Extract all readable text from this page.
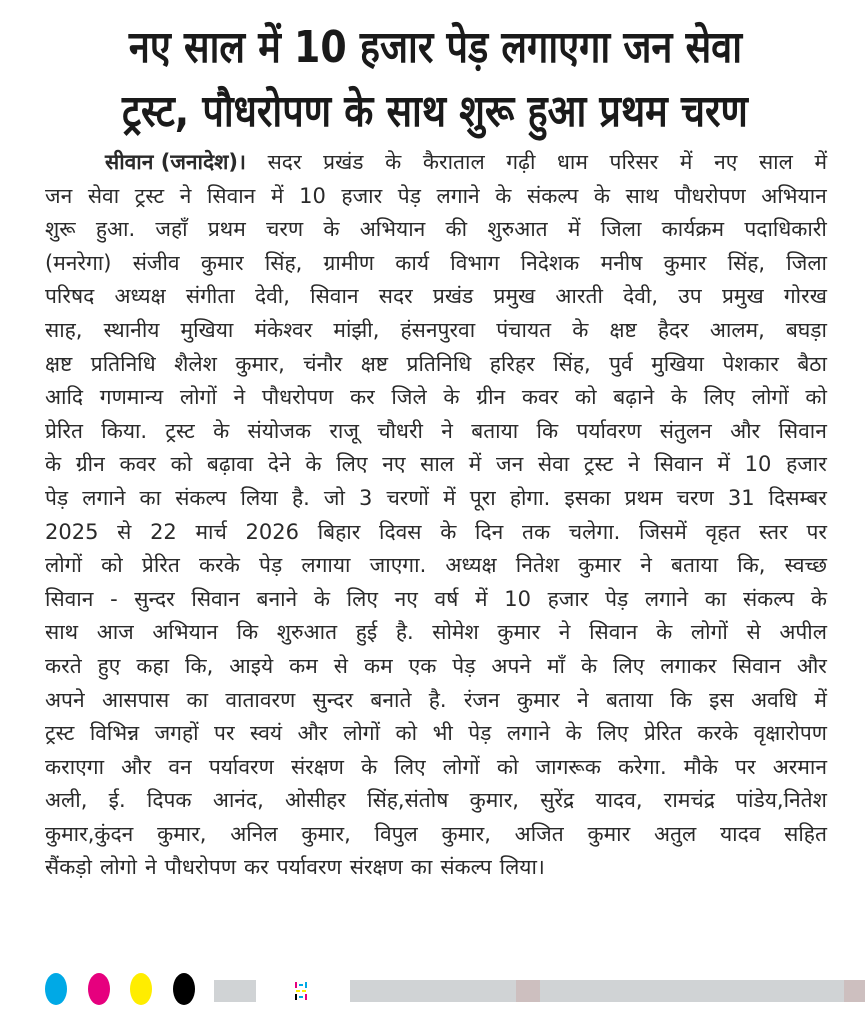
नए साल में 10 हजार पेड़ लगाएगा जन सेवा
ट्रस्ट, पौधरोपण के साथ शुरू हुआ प्रथम चरण
सीवान (जनादेश)। सदर प्रखंड के कैराताल गढ़ी धाम परिसर में नए साल में
जन सेवा ट्रस्ट ने सिवान में 10 हजार पेड़ लगाने के संकल्प के साथ पौधरोपण अभियान
शुरू हुआ. जहाँ प्रथम चरण के अभियान की शुरुआत में जिला कार्यक्रम पदाधिकारी
(मनरेगा) संजीव कुमार सिंह, ग्रामीण कार्य विभाग निदेशक मनीष कुमार सिंह, जिला
परिषद अध्यक्ष संगीता देवी, सिवान सदर प्रखंड प्रमुख आरती देवी, उप प्रमुख गोरख
साह, स्थानीय मुखिया मंकेश्वर मांझी, हंसनपुरवा पंचायत के क्षष्ट हैदर आलम, बघड़ा
क्षष्ट प्रतिनिधि शैलेश कुमार, चंनौर क्षष्ट प्रतिनिधि हरिहर सिंह, पुर्व मुखिया पेशकार बैठा
आदि गणमान्य लोगों ने पौधरोपण कर जिले के ग्रीन कवर को बढ़ाने के लिए लोगों को
प्रेरित किया. ट्रस्ट के संयोजक राजू चौधरी ने बताया कि पर्यावरण संतुलन और सिवान
के ग्रीन कवर को बढ़ावा देने के लिए नए साल में जन सेवा ट्रस्ट ने सिवान में 10 हजार
पेड़ लगाने का संकल्प लिया है. जो 3 चरणों में पूरा होगा. इसका प्रथम चरण 31 दिसम्बर
2025 से 22 मार्च 2026 बिहार दिवस के दिन तक चलेगा. जिसमें वृहत स्तर पर
लोगों को प्रेरित करके पेड़ लगाया जाएगा. अध्यक्ष नितेश कुमार ने बताया कि, स्वच्छ
सिवान - सुन्दर सिवान बनाने के लिए नए वर्ष में 10 हजार पेड़ लगाने का संकल्प के
साथ आज अभियान कि शुरुआत हुई है. सोमेश कुमार ने सिवान के लोगों से अपील
करते हुए कहा कि, आइये कम से कम एक पेड़ अपने माँ के लिए लगाकर सिवान और
अपने आसपास का वातावरण सुन्दर बनाते है. रंजन कुमार ने बताया कि इस अवधि में
ट्रस्ट विभिन्न जगहों पर स्वयं और लोगों को भी पेड़ लगाने के लिए प्रेरित करके वृक्षारोपण
कराएगा और वन पर्यावरण संरक्षण के लिए लोगों को जागरूक करेगा. मौके पर अरमान
अली, ई. दिपक आनंद, ओसीहर सिंह,संतोष कुमार, सुरेंद्र यादव, रामचंद्र पांडेय,नितेश
कुमार,कुंदन कुमार, अनिल कुमार, विपुल कुमार, अजित कुमार अतुल यादव सहित
सैंकड़ो लोगो ने पौधरोपण कर पर्यावरण संरक्षण का संकल्प लिया।
